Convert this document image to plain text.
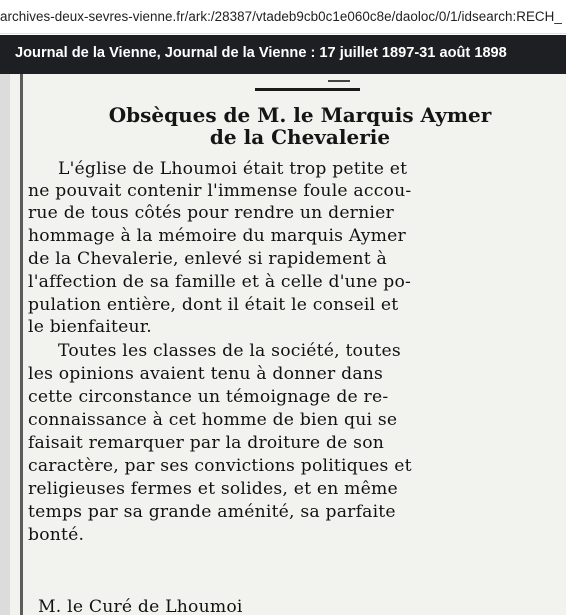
archives-deux-sevres-vienne.fr/ark:/28387/vtadeb9cb0c1e060c8e/daoloc/0/1/idsearch:RECH_
Journal de la Vienne, Journal de la Vienne : 17 juillet 1897-31 août 1898
Obsèques de M. le Marquis Aymer
de la Chevalerie
L'église de Lhoumoi était trop petite et
ne pouvait contenir l'immense foule accou-
rue de tous côtés pour rendre un dernier
hommage à la mémoire du marquis Aymer
de la Chevalerie, enlevé si rapidement à
l'affection de sa famille et à celle d'une po-
pulation entière, dont il était le conseil et
le bienfaiteur.
Toutes les classes de la société, toutes
les opinions avaient tenu à donner dans
cette circonstance un témoignage de re-
connaissance à cet homme de bien qui se
faisait remarquer par la droiture de son
caractère, par ses convictions politiques et
religieuses fermes et solides, et en même
temps par sa grande aménité, sa parfaite
bonté.
M. le Curé de Lhoumoi
